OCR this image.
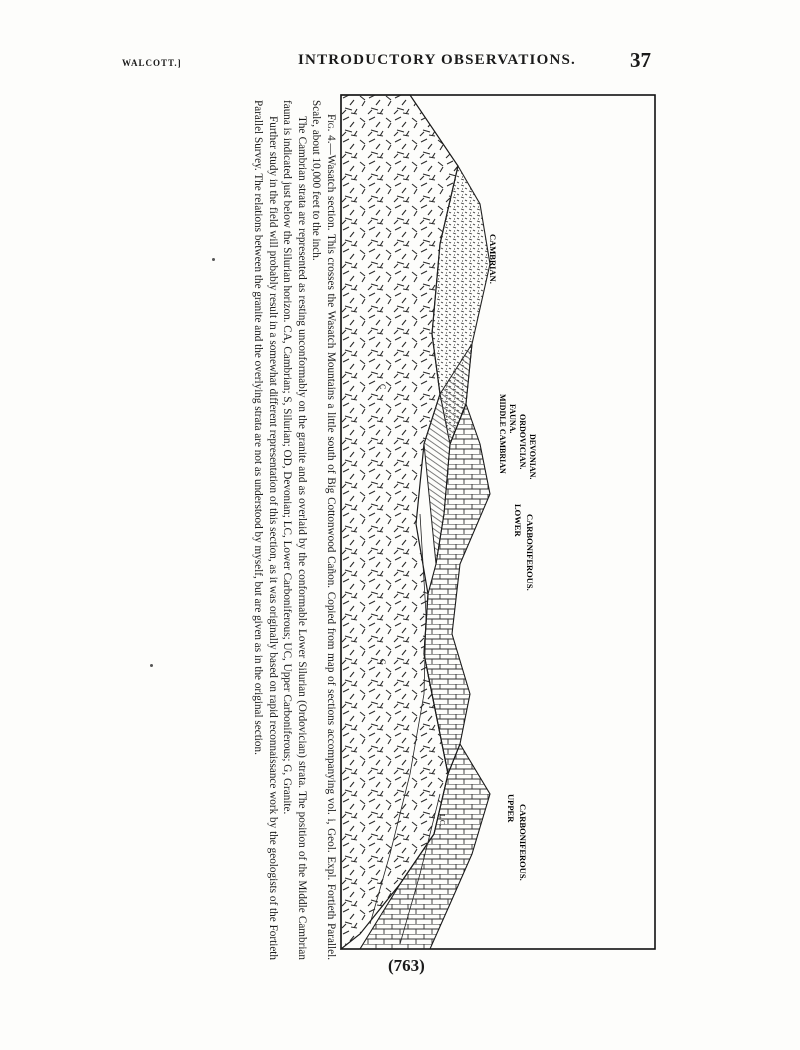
WALCOTT.]	INTRODUCTORY OBSERVATIONS.	37

Fig. 4.—Wasatch section. This crosses the Wasatch Mountains a little south of Big Cottonwood Cañon. Copied from map of sections accompanying vol. i, Geol. Expl. Fortieth Parallel. Scale, about 10,000 feet to the inch.

The Cambrian strata are represented as resting unconformably on the granite and as overlaid by the conformable Lower Silurian (Ordovician) strata. The position of the Middle Cambrian fauna is indicated just below the Silurian horizon. CA, Cambrian; S, Silurian; OD, Devonian; LC, Lower Carboniferous; UC, Upper Carboniferous; G, Granite.

Further study in the field will probably result in a somewhat different representation of this section, as it was originally based on rapid reconnaissance work by the geologists of the Fortieth Parallel Survey. The relations between the granite and the overlying strata are not as understood by myself, but are given as in the original section.	CAMBRIAN.
MIDDLE CAMBRIAN FAUNA. ORDOVICIAN. DEVONIAN.
LOWER CARBONIFEROUS.
UPPER CARBONIFEROUS.
L.C.
C
C
(763)
